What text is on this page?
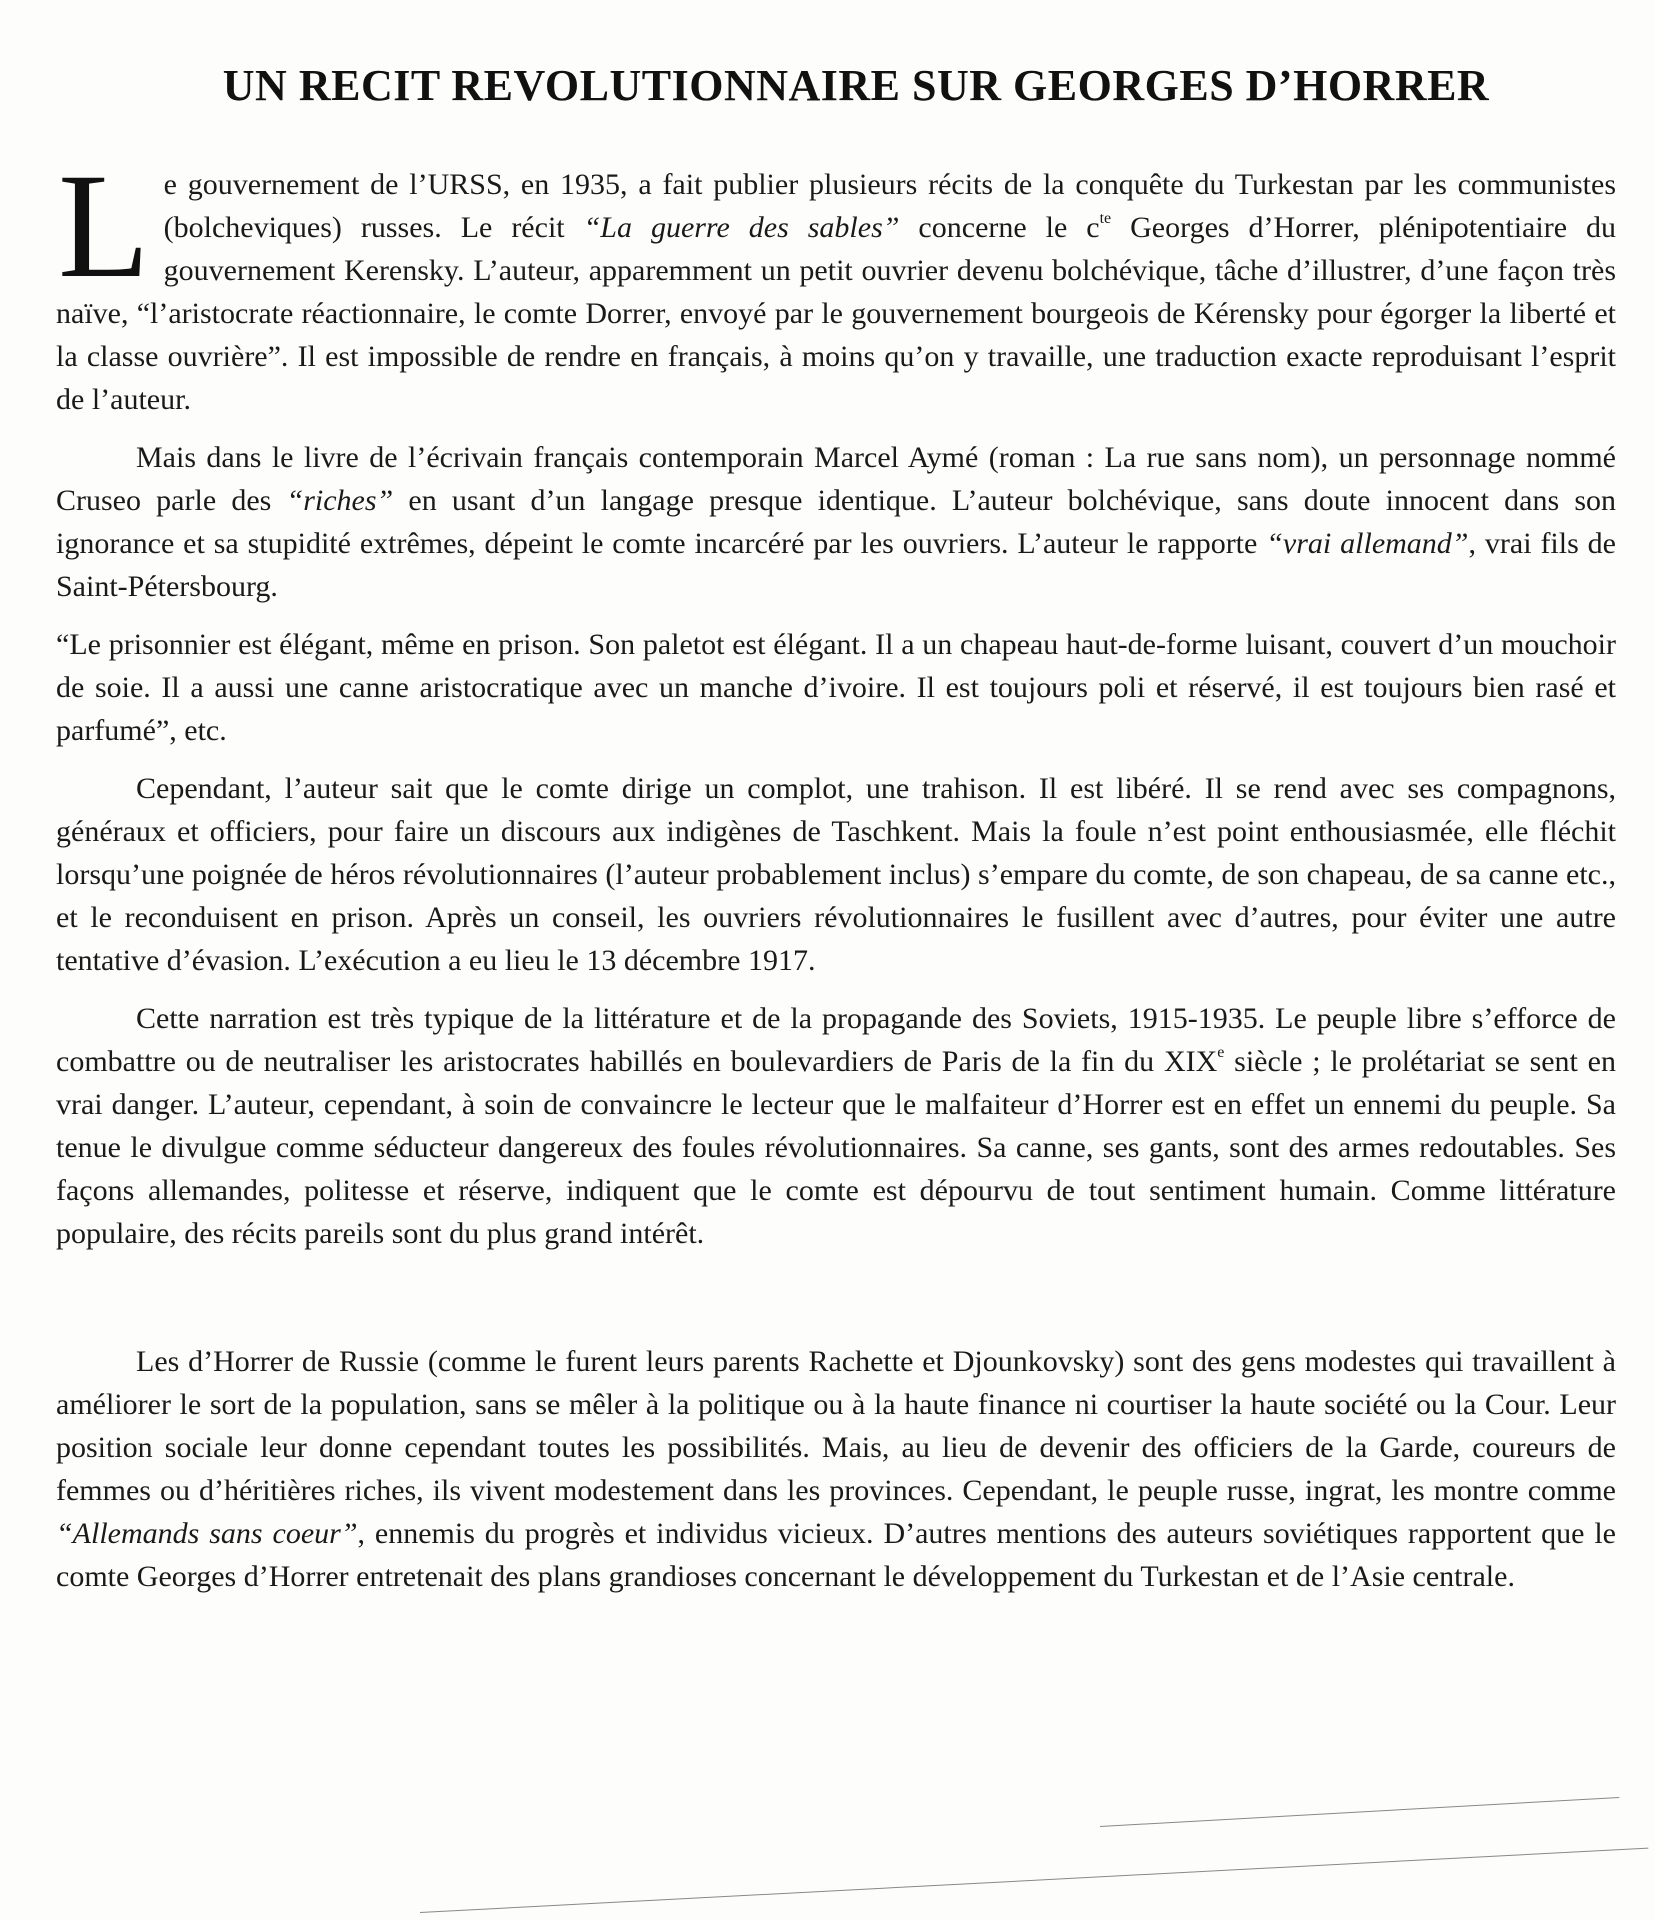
UN RECIT REVOLUTIONNAIRE SUR GEORGES D’HORRER

Le gouvernement de l’URSS, en 1935, a fait publier plusieurs récits de la conquête du Turkestan par les communistes (bolcheviques) russes. Le récit “La guerre des sables” concerne le $c^{te}$ Georges d’Horrer, plénipotentiaire du gouvernement Kerensky. L’auteur, apparemment un petit ouvrier devenu bolchévique, tâche d’illustrer, d’une façon très naïve, “l’aristocrate réactionnaire, le comte Dorrer, envoyé par le gouvernement bourgeois de Kérensky pour égorger la liberté et la classe ouvrière”. Il est impossible de rendre en français, à moins qu’on y travaille, une traduction exacte reproduisant l’esprit de l’auteur.

Mais dans le livre de l’écrivain français contemporain Marcel Aymé (roman : La rue sans nom), un personnage nommé Cruseo parle des “riches” en usant d’un langage presque identique. L’auteur bolchévique, sans doute innocent dans son ignorance et sa stupidité extrêmes, dépeint le comte incarcéré par les ouvriers. L’auteur le rapporte “vrai allemand”, vrai fils de Saint-Pétersbourg.

“Le prisonnier est élégant, même en prison. Son paletot est élégant. Il a un chapeau haut-de-forme luisant, couvert d’un mouchoir de soie. Il a aussi une canne aristocratique avec un manche d’ivoire. Il est toujours poli et réservé, il est toujours bien rasé et parfumé”, etc.

Cependant, l’auteur sait que le comte dirige un complot, une trahison. Il est libéré. Il se rend avec ses compagnons, généraux et officiers, pour faire un discours aux indigènes de Taschkent. Mais la foule n’est point enthousiasmée, elle fléchit lorsqu’une poignée de héros révolutionnaires (l’auteur probablement inclus) s’empare du comte, de son chapeau, de sa canne etc., et le reconduisent en prison. Après un conseil, les ouvriers révolutionnaires le fusillent avec d’autres, pour éviter une autre tentative d’évasion. L’exécution a eu lieu le 13 décembre 1917.

Cette narration est très typique de la littérature et de la propagande des Soviets, 1915-1935. Le peuple libre s’efforce de combattre ou de neutraliser les aristocrates habillés en boulevardiers de Paris de la fin du XIXe siècle ; le prolétariat se sent en vrai danger. L’auteur, cependant, à soin de convaincre le lecteur que le malfaiteur d’Horrer est en effet un ennemi du peuple. Sa tenue le divulgue comme séducteur dangereux des foules révolutionnaires. Sa canne, ses gants, sont des armes redoutables. Ses façons allemandes, politesse et réserve, indiquent que le comte est dépourvu de tout sentiment humain. Comme littérature populaire, des récits pareils sont du plus grand intérêt.

Les d’Horrer de Russie (comme le furent leurs parents Rachette et Djounkovsky) sont des gens modestes qui travaillent à améliorer le sort de la population, sans se mêler à la politique ou à la haute finance ni courtiser la haute société ou la Cour. Leur position sociale leur donne cependant toutes les possibilités. Mais, au lieu de devenir des officiers de la Garde, coureurs de femmes ou d’héritières riches, ils vivent modestement dans les provinces. Cependant, le peuple russe, ingrat, les montre comme “Allemands sans coeur”, ennemis du progrès et individus vicieux. D’autres mentions des auteurs soviétiques rapportent que le comte Georges d’Horrer entretenait des plans grandioses concernant le développement du Turkestan et de l’Asie centrale.
